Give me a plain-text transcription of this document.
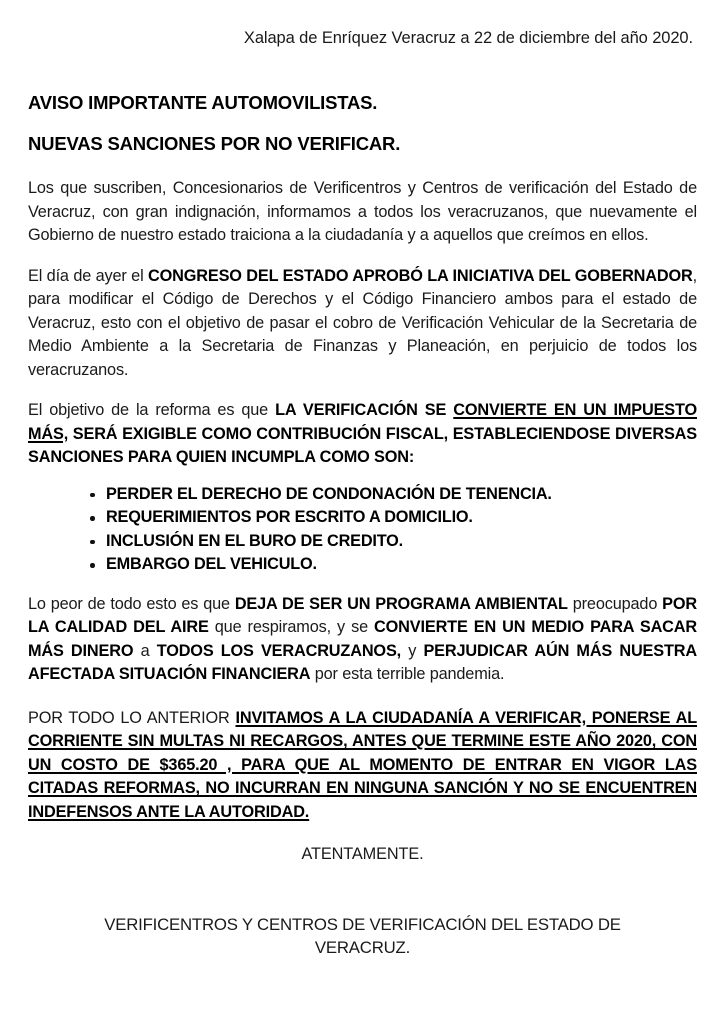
Xalapa de Enríquez Veracruz a 22 de diciembre del año 2020.

AVISO IMPORTANTE AUTOMOVILISTAS.
NUEVAS SANCIONES POR NO VERIFICAR.

Los que suscriben, Concesionarios de Verificentros y Centros de verificación del Estado de Veracruz, con gran indignación, informamos a todos los veracruzanos, que nuevamente el Gobierno de nuestro estado traiciona a la ciudadanía y a aquellos que creímos en ellos.

El día de ayer el CONGRESO DEL ESTADO APROBÓ LA INICIATIVA DEL GOBERNADOR, para modificar el Código de Derechos y el Código Financiero ambos para el estado de Veracruz, esto con el objetivo de pasar el cobro de Verificación Vehicular de la Secretaria de Medio Ambiente a la Secretaria de Finanzas y Planeación, en perjuicio de todos los veracruzanos.

El objetivo de la reforma es que LA VERIFICACIÓN SE CONVIERTE EN UN IMPUESTO MÁS, SERÁ EXIGIBLE COMO CONTRIBUCIÓN FISCAL, ESTABLECIENDOSE DIVERSAS SANCIONES PARA QUIEN INCUMPLA COMO SON:

PERDER EL DERECHO DE CONDONACIÓN DE TENENCIA.
REQUERIMIENTOS POR ESCRITO A DOMICILIO.
INCLUSIÓN EN EL BURO DE CREDITO.
EMBARGO DEL VEHICULO.

Lo peor de todo esto es que DEJA DE SER UN PROGRAMA AMBIENTAL preocupado POR LA CALIDAD DEL AIRE que respiramos, y se CONVIERTE EN UN MEDIO PARA SACAR MÁS DINERO a TODOS LOS VERACRUZANOS, y PERJUDICAR AÚN MÁS NUESTRA AFECTADA SITUACIÓN FINANCIERA por esta terrible pandemia.

POR TODO LO ANTERIOR INVITAMOS A LA CIUDADANÍA A VERIFICAR, PONERSE AL CORRIENTE SIN MULTAS NI RECARGOS, ANTES QUE TERMINE ESTE AÑO 2020, CON UN COSTO DE $365.20 , PARA QUE AL MOMENTO DE ENTRAR EN VIGOR LAS CITADAS REFORMAS, NO INCURRAN EN NINGUNA SANCIÓN Y NO SE ENCUENTREN INDEFENSOS ANTE LA AUTORIDAD.

ATENTAMENTE.

VERIFICENTROS Y CENTROS DE VERIFICACIÓN DEL ESTADO DE VERACRUZ.
